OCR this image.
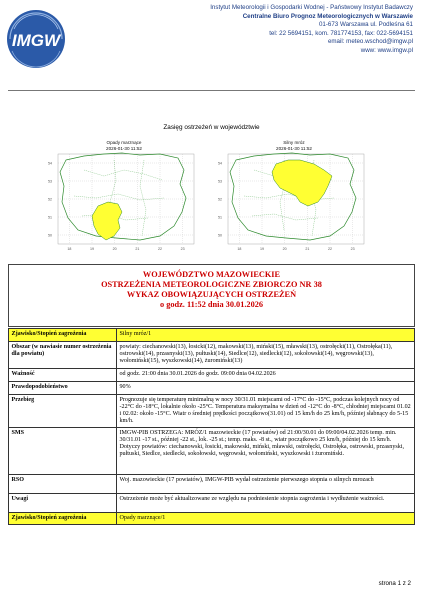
IMGW
Instytut Meteorologii i Gospodarki Wodnej - Państwowy Instytut Badawczy
Centralne Biuro Prognoz Meteorologicznych w Warszawie
01-673 Warszawa ul. Podleśna 61
tel: 22 5694151, kom. 781774153, fax: 022-5694151
email: meteo.wschod@imgw.pl
www: www.imgw.pl
Zasięg ostrzeżeń w województwie
54
53
52
51
50
18	19	20	21	22	23
Opady marznące
2026-01-30 11:52
54
53
52
51
50
18	19	20	21	22	23
Silny mróz
2026-01-30 11:52
WOJEWÓDZTWO MAZOWIECKIE
OSTRZEŻENIA METEOROLOGICZNE ZBIORCZO NR 38
WYKAZ OBOWIĄZUJĄCYCH OSTRZEŻEŃ
o godz. 11:52 dnia 30.01.2026
Zjawisko/Stopień zagrożenia	Silny mróz/1
Obszar (w nawiasie numer ostrzeżenia dla powiatu)	powiaty: ciechanowski(13), łosicki(12), makowski(13), miński(15), mławski(13), ostrołęcki(11), Ostrołęka(11), ostrowski(14), przasnyski(13), pułtuski(14), Siedlce(12), siedlecki(12), sokołowski(14), węgrowski(13), wołomiński(15), wyszkowski(14), żuromiński(13)
Ważność	od godz. 21:00 dnia 30.01.2026 do godz. 09:00 dnia 04.02.2026
Prawdopodobieństwo	90%
Przebieg	Prognozuje się temperaturę minimalną w nocy 30/31.01 miejscami od -17°C do -15°C, podczas kolejnych nocy od -22°C do -18°C, lokalnie około -25°C. Temperatura maksymalna w dzień od -12°C do -8°C, chłodniej miejscami 01.02 i 02.02: około -15°C. Wiatr o średniej prędkości początkowo(31.01) od 15 km/h do 25 km/h, później słabnący do 5-15 km/h.
SMS	IMGW-PIB OSTRZEGA: MRÓZ/1 mazowieckie (17 powiatów) od 21:00/30.01 do 09:00/04.02.2026 temp. min. 30/31.01 -17 st., później -22 st., lok. -25 st.; temp. maks. -8 st., wiatr początkowo 25 km/h, później do 15 km/h. Dotyczy powiatów: ciechanowski, łosicki, makowski, miński, mławski, ostrołęcki, Ostrołęka, ostrowski, przasnyski, pułtuski, Siedlce, siedlecki, sokołowski, węgrowski, wołomiński, wyszkowski i żuromiński.
RSO	Woj. mazowieckie (17 powiatów), IMGW-PIB wydał ostrzeżenie pierwszego stopnia o silnych mrozach
Uwagi	Ostrzeżenie może być aktualizowane ze względu na podniesienie stopnia zagrożenia i wydłużenie ważności.
Zjawisko/Stopień zagrożenia	Opady marznące/1
strona 1 z 2
